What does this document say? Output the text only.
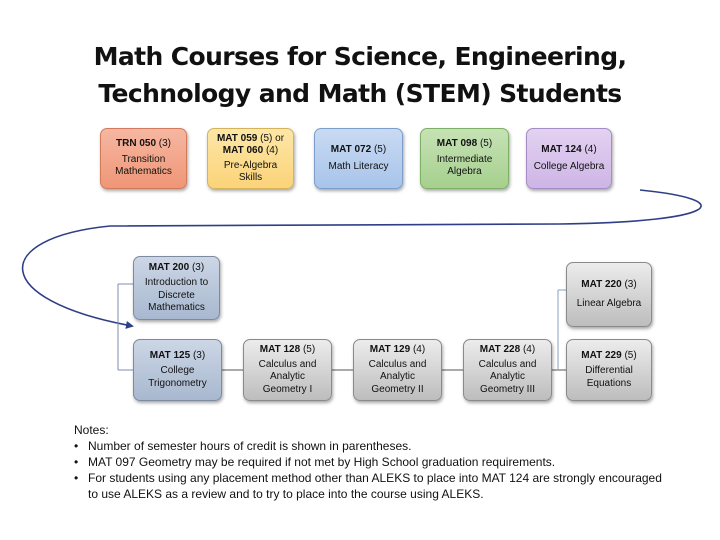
Math Courses for Science, Engineering,
Technology and Math (STEM) Students
TRN 050 (3)
Transition Mathematics
MAT 059 (5) or
MAT 060 (4)
Pre-Algebra Skills
MAT 072 (5)
Math Literacy
MAT 098 (5)
Intermediate Algebra
MAT 124 (4)
College Algebra
MAT 200 (3)
Introduction to Discrete Mathematics
MAT 220 (3)
Linear Algebra
MAT 125 (3)
College Trigonometry
MAT 128 (5)
Calculus and Analytic Geometry I
MAT 129 (4)
Calculus and Analytic Geometry II
MAT 228 (4)
Calculus and Analytic Geometry III
MAT 229 (5)
Differential Equations
Notes:
• Number of semester hours of credit is shown in parentheses.
• MAT 097 Geometry may be required if not met by High School graduation requirements.
• For students using any placement method other than ALEKS to place into MAT 124 are strongly encouraged to use ALEKS as a review and to try to place into the course using ALEKS.
